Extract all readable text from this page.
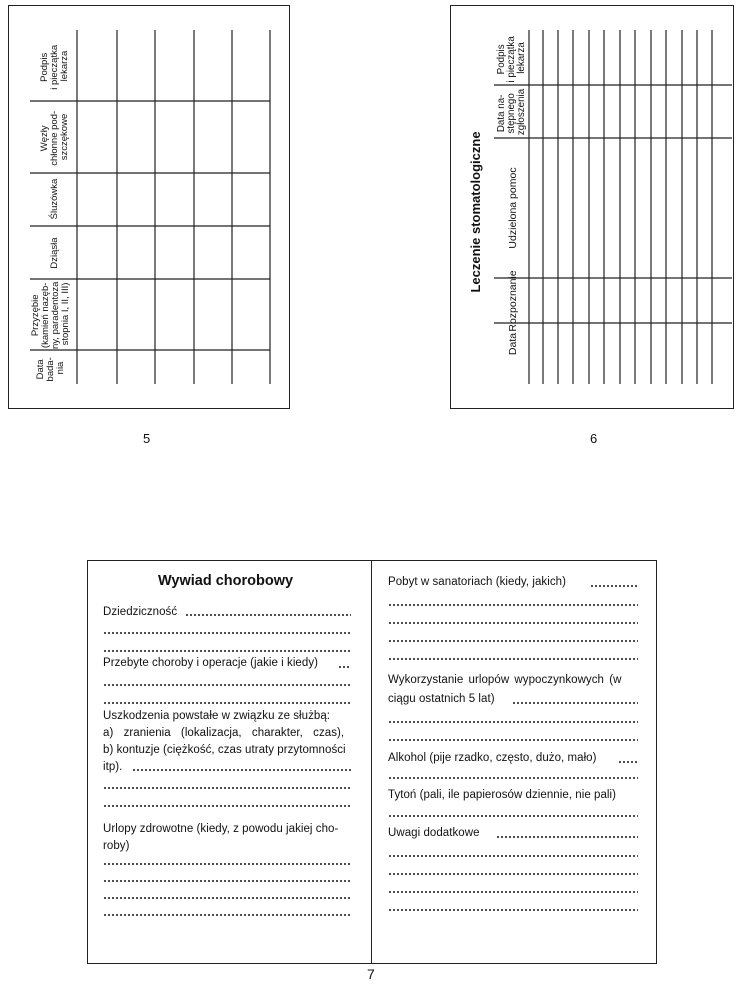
Data bada- nia
Przyzębie (kamień nazęb- ny, paradentoza stopnia I, II, III)
Dziąsła
Śluzówka
Węzły chłonne pod- szczękowe
Podpis i pieczątka lekarza
5
Leczenie stomatologiczne
Data
Rozpoznanie
Udzielona pomoc
Data na- stępnego zgłoszenia
Podpis i pieczątka lekarza
6
Wywiad chorobowy
Dziedziczność
Przebyte choroby i operacje (jakie i kiedy)
Uszkodzenia powstałe w związku ze służbą:
a) zranienia (lokalizacja, charakter, czas),
b) kontuzje (ciężkość, czas utraty przytomności
itp).
Urlopy zdrowotne (kiedy, z powodu jakiej cho-
roby)
Pobyt w sanatoriach (kiedy, jakich)
Wykorzystanie urlopów wypoczynkowych (w
ciągu ostatnich 5 lat)
Alkohol (pije rzadko, często, dużo, mało)
Tytoń (pali, ile papierosów dziennie, nie pali)
Uwagi dodatkowe
7
